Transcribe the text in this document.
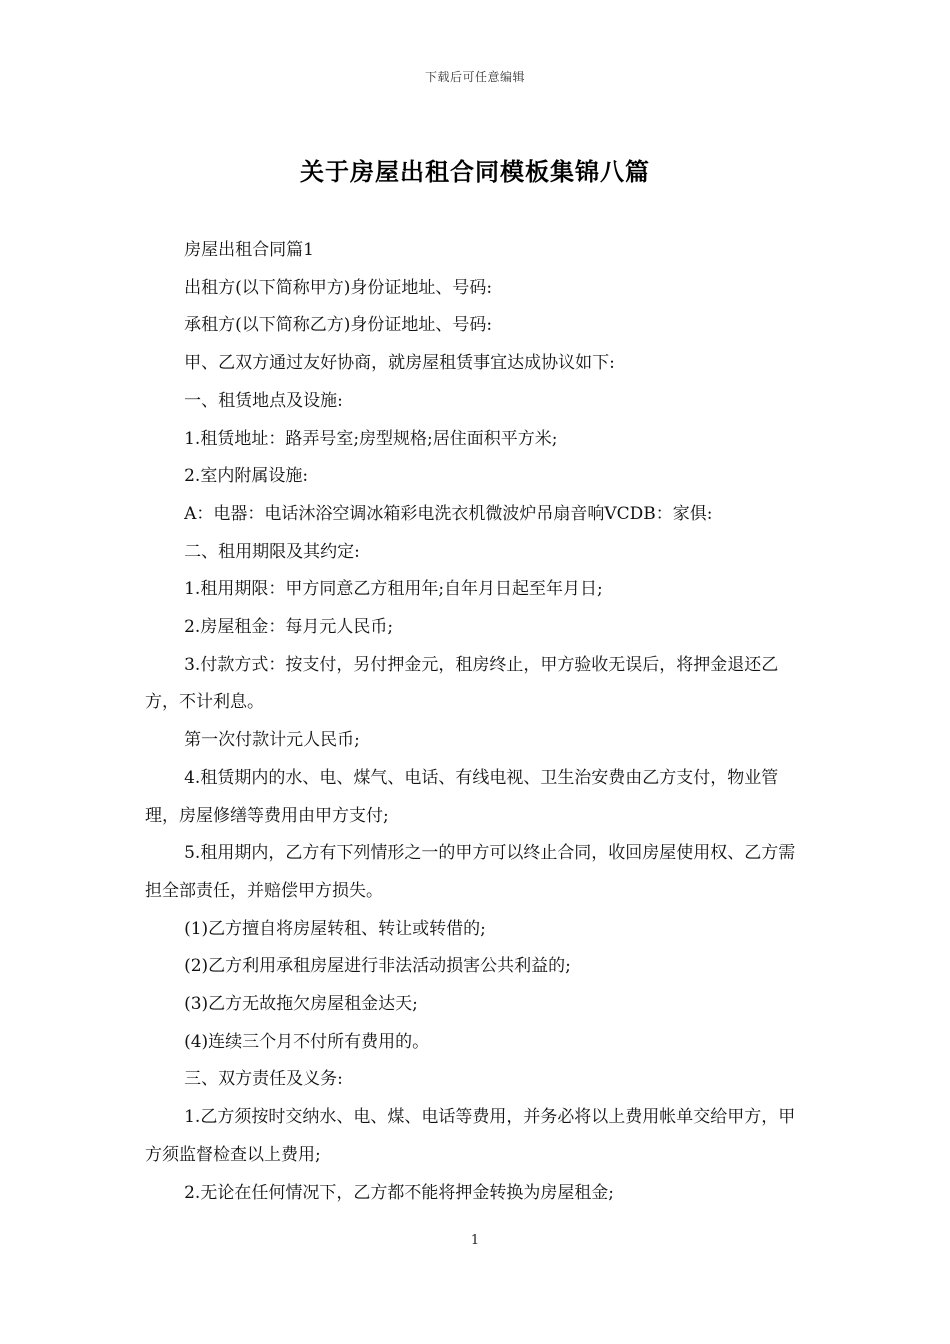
下载后可任意编辑
关于房屋出租合同模板集锦八篇

房屋出租合同篇1

出租方(以下简称甲方)身份证地址、号码:

承租方(以下简称乙方)身份证地址、号码:

甲、乙双方通过友好协商，就房屋租赁事宜达成协议如下:

一、租赁地点及设施:

1.租赁地址：路弄号室;房型规格;居住面积平方米;

2.室内附属设施:

A：电器：电话沐浴空调冰箱彩电洗衣机微波炉吊扇音响VCDB：家俱:

二、租用期限及其约定:

1.租用期限：甲方同意乙方租用年;自年月日起至年月日;

2.房屋租金：每月元人民币;

3.付款方式：按支付，另付押金元，租房终止，甲方验收无误后，将押金退还乙方，不计利息。

第一次付款计元人民币;

4.租赁期内的水、电、煤气、电话、有线电视、卫生治安费由乙方支付，物业管理，房屋修缮等费用由甲方支付;

5.租用期内，乙方有下列情形之一的甲方可以终止合同，收回房屋使用权、乙方需担全部责任，并赔偿甲方损失。

(1)乙方擅自将房屋转租、转让或转借的;

(2)乙方利用承租房屋进行非法活动损害公共利益的;

(3)乙方无故拖欠房屋租金达天;

(4)连续三个月不付所有费用的。

三、双方责任及义务:

1.乙方须按时交纳水、电、煤、电话等费用，并务必将以上费用帐单交给甲方，甲方须监督检查以上费用;

2.无论在任何情况下，乙方都不能将押金转换为房屋租金;

1
